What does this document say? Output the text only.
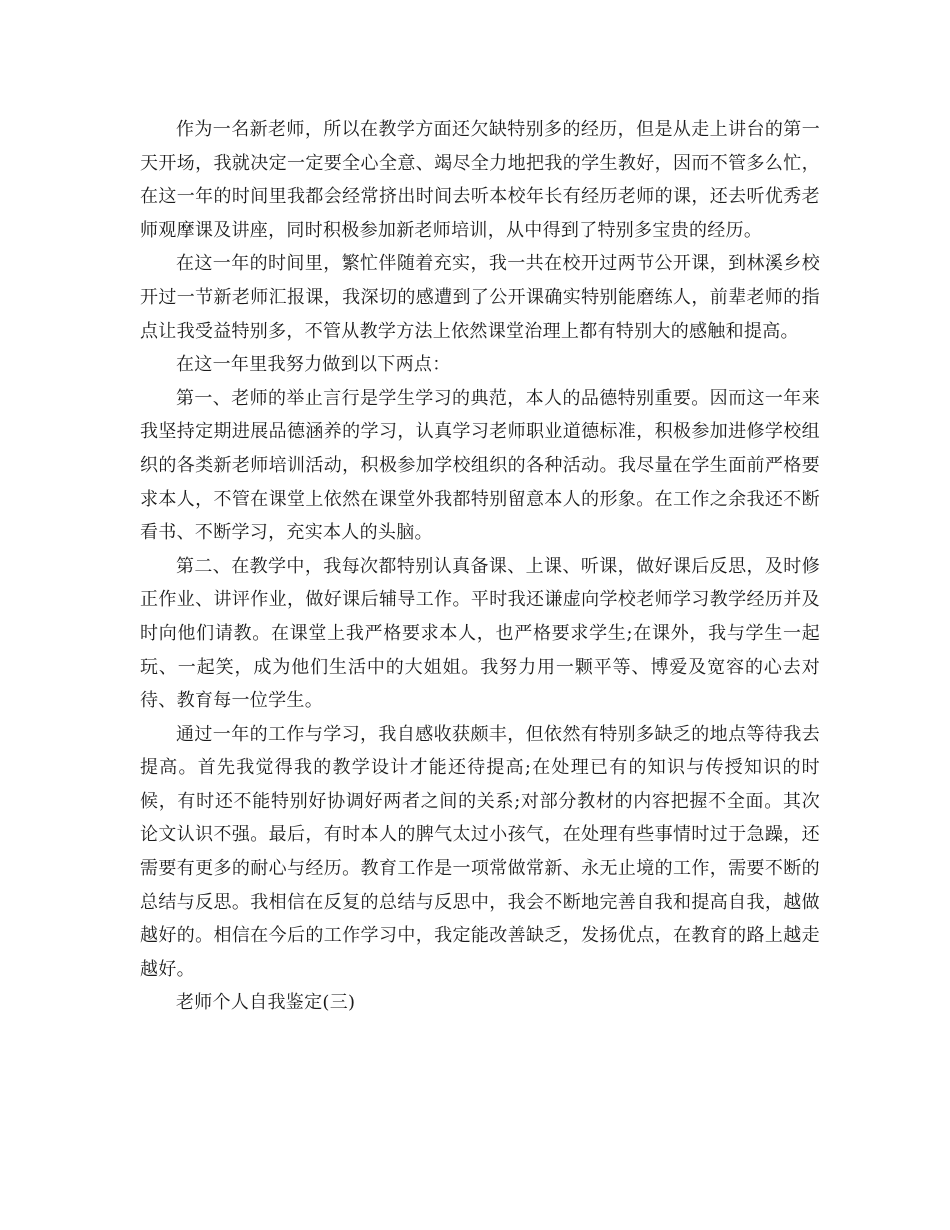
作为一名新老师，所以在教学方面还欠缺特别多的经历，但是从走上讲台的第一天开场，我就决定一定要全心全意、竭尽全力地把我的学生教好，因而不管多么忙，在这一年的时间里我都会经常挤出时间去听本校年长有经历老师的课，还去听优秀老师观摩课及讲座，同时积极参加新老师培训，从中得到了特别多宝贵的经历。

在这一年的时间里，繁忙伴随着充实，我一共在校开过两节公开课，到林溪乡校开过一节新老师汇报课，我深切的感遭到了公开课确实特别能磨练人，前辈老师的指点让我受益特别多，不管从教学方法上依然课堂治理上都有特别大的感触和提高。

在这一年里我努力做到以下两点：

第一、老师的举止言行是学生学习的典范，本人的品德特别重要。因而这一年来我坚持定期进展品德涵养的学习，认真学习老师职业道德标准，积极参加进修学校组织的各类新老师培训活动，积极参加学校组织的各种活动。我尽量在学生面前严格要求本人，不管在课堂上依然在课堂外我都特别留意本人的形象。在工作之余我还不断看书、不断学习，充实本人的头脑。

第二、在教学中，我每次都特别认真备课、上课、听课，做好课后反思，及时修正作业、讲评作业，做好课后辅导工作。平时我还谦虚向学校老师学习教学经历并及时向他们请教。在课堂上我严格要求本人，也严格要求学生;在课外，我与学生一起玩、一起笑，成为他们生活中的大姐姐。我努力用一颗平等、博爱及宽容的心去对待、教育每一位学生。

通过一年的工作与学习，我自感收获颇丰，但依然有特别多缺乏的地点等待我去提高。首先我觉得我的教学设计才能还待提高;在处理已有的知识与传授知识的时候，有时还不能特别好协调好两者之间的关系;对部分教材的内容把握不全面。其次论文认识不强。最后，有时本人的脾气太过小孩气，在处理有些事情时过于急躁，还需要有更多的耐心与经历。教育工作是一项常做常新、永无止境的工作，需要不断的总结与反思。我相信在反复的总结与反思中，我会不断地完善自我和提高自我，越做越好的。相信在今后的工作学习中，我定能改善缺乏，发扬优点，在教育的路上越走越好。

老师个人自我鉴定(三)
